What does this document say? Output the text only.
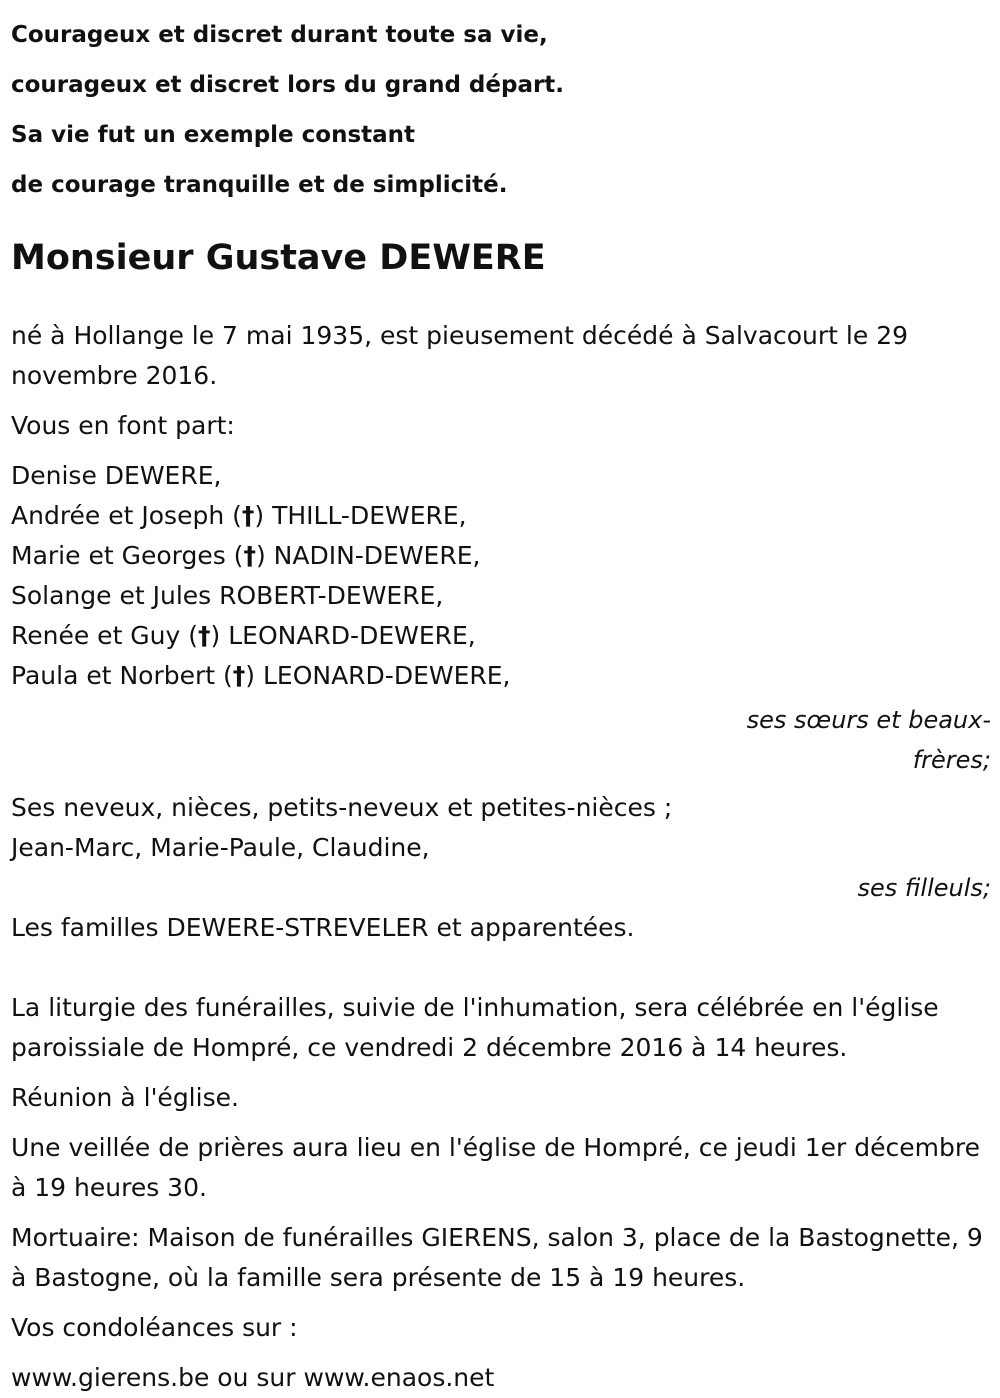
Courageux et discret durant toute sa vie,
courageux et discret lors du grand départ.
Sa vie fut un exemple constant
de courage tranquille et de simplicité.
Monsieur Gustave DEWERE

né à Hollange le 7 mai 1935, est pieusement décédé à Salvacourt le 29 novembre 2016.

Vous en font part:

Denise DEWERE,
Andrée et Joseph (†) THILL-DEWERE,
Marie et Georges (†) NADIN-DEWERE,
Solange et Jules ROBERT-DEWERE,
Renée et Guy (†) LEONARD-DEWERE,
Paula et Norbert (†) LEONARD-DEWERE,
ses sœurs et beaux-frères;

Ses neveux, nièces, petits-neveux et petites-nièces ;

Jean-Marc, Marie-Paule, Claudine,

ses filleuls;

Les familles DEWERE-STREVELER et apparentées.

La liturgie des funérailles, suivie de l'inhumation, sera célébrée en l'église paroissiale de Hompré, ce vendredi 2 décembre 2016 à 14 heures.

Réunion à l'église.

Une veillée de prières aura lieu en l'église de Hompré, ce jeudi 1er décembre à 19 heures 30.

Mortuaire: Maison de funérailles GIERENS, salon 3, place de la Bastognette, 9 à Bastogne, où la famille sera présente de 15 à 19 heures.

Vos condoléances sur :

www.gierens.be ou sur www.enaos.net
